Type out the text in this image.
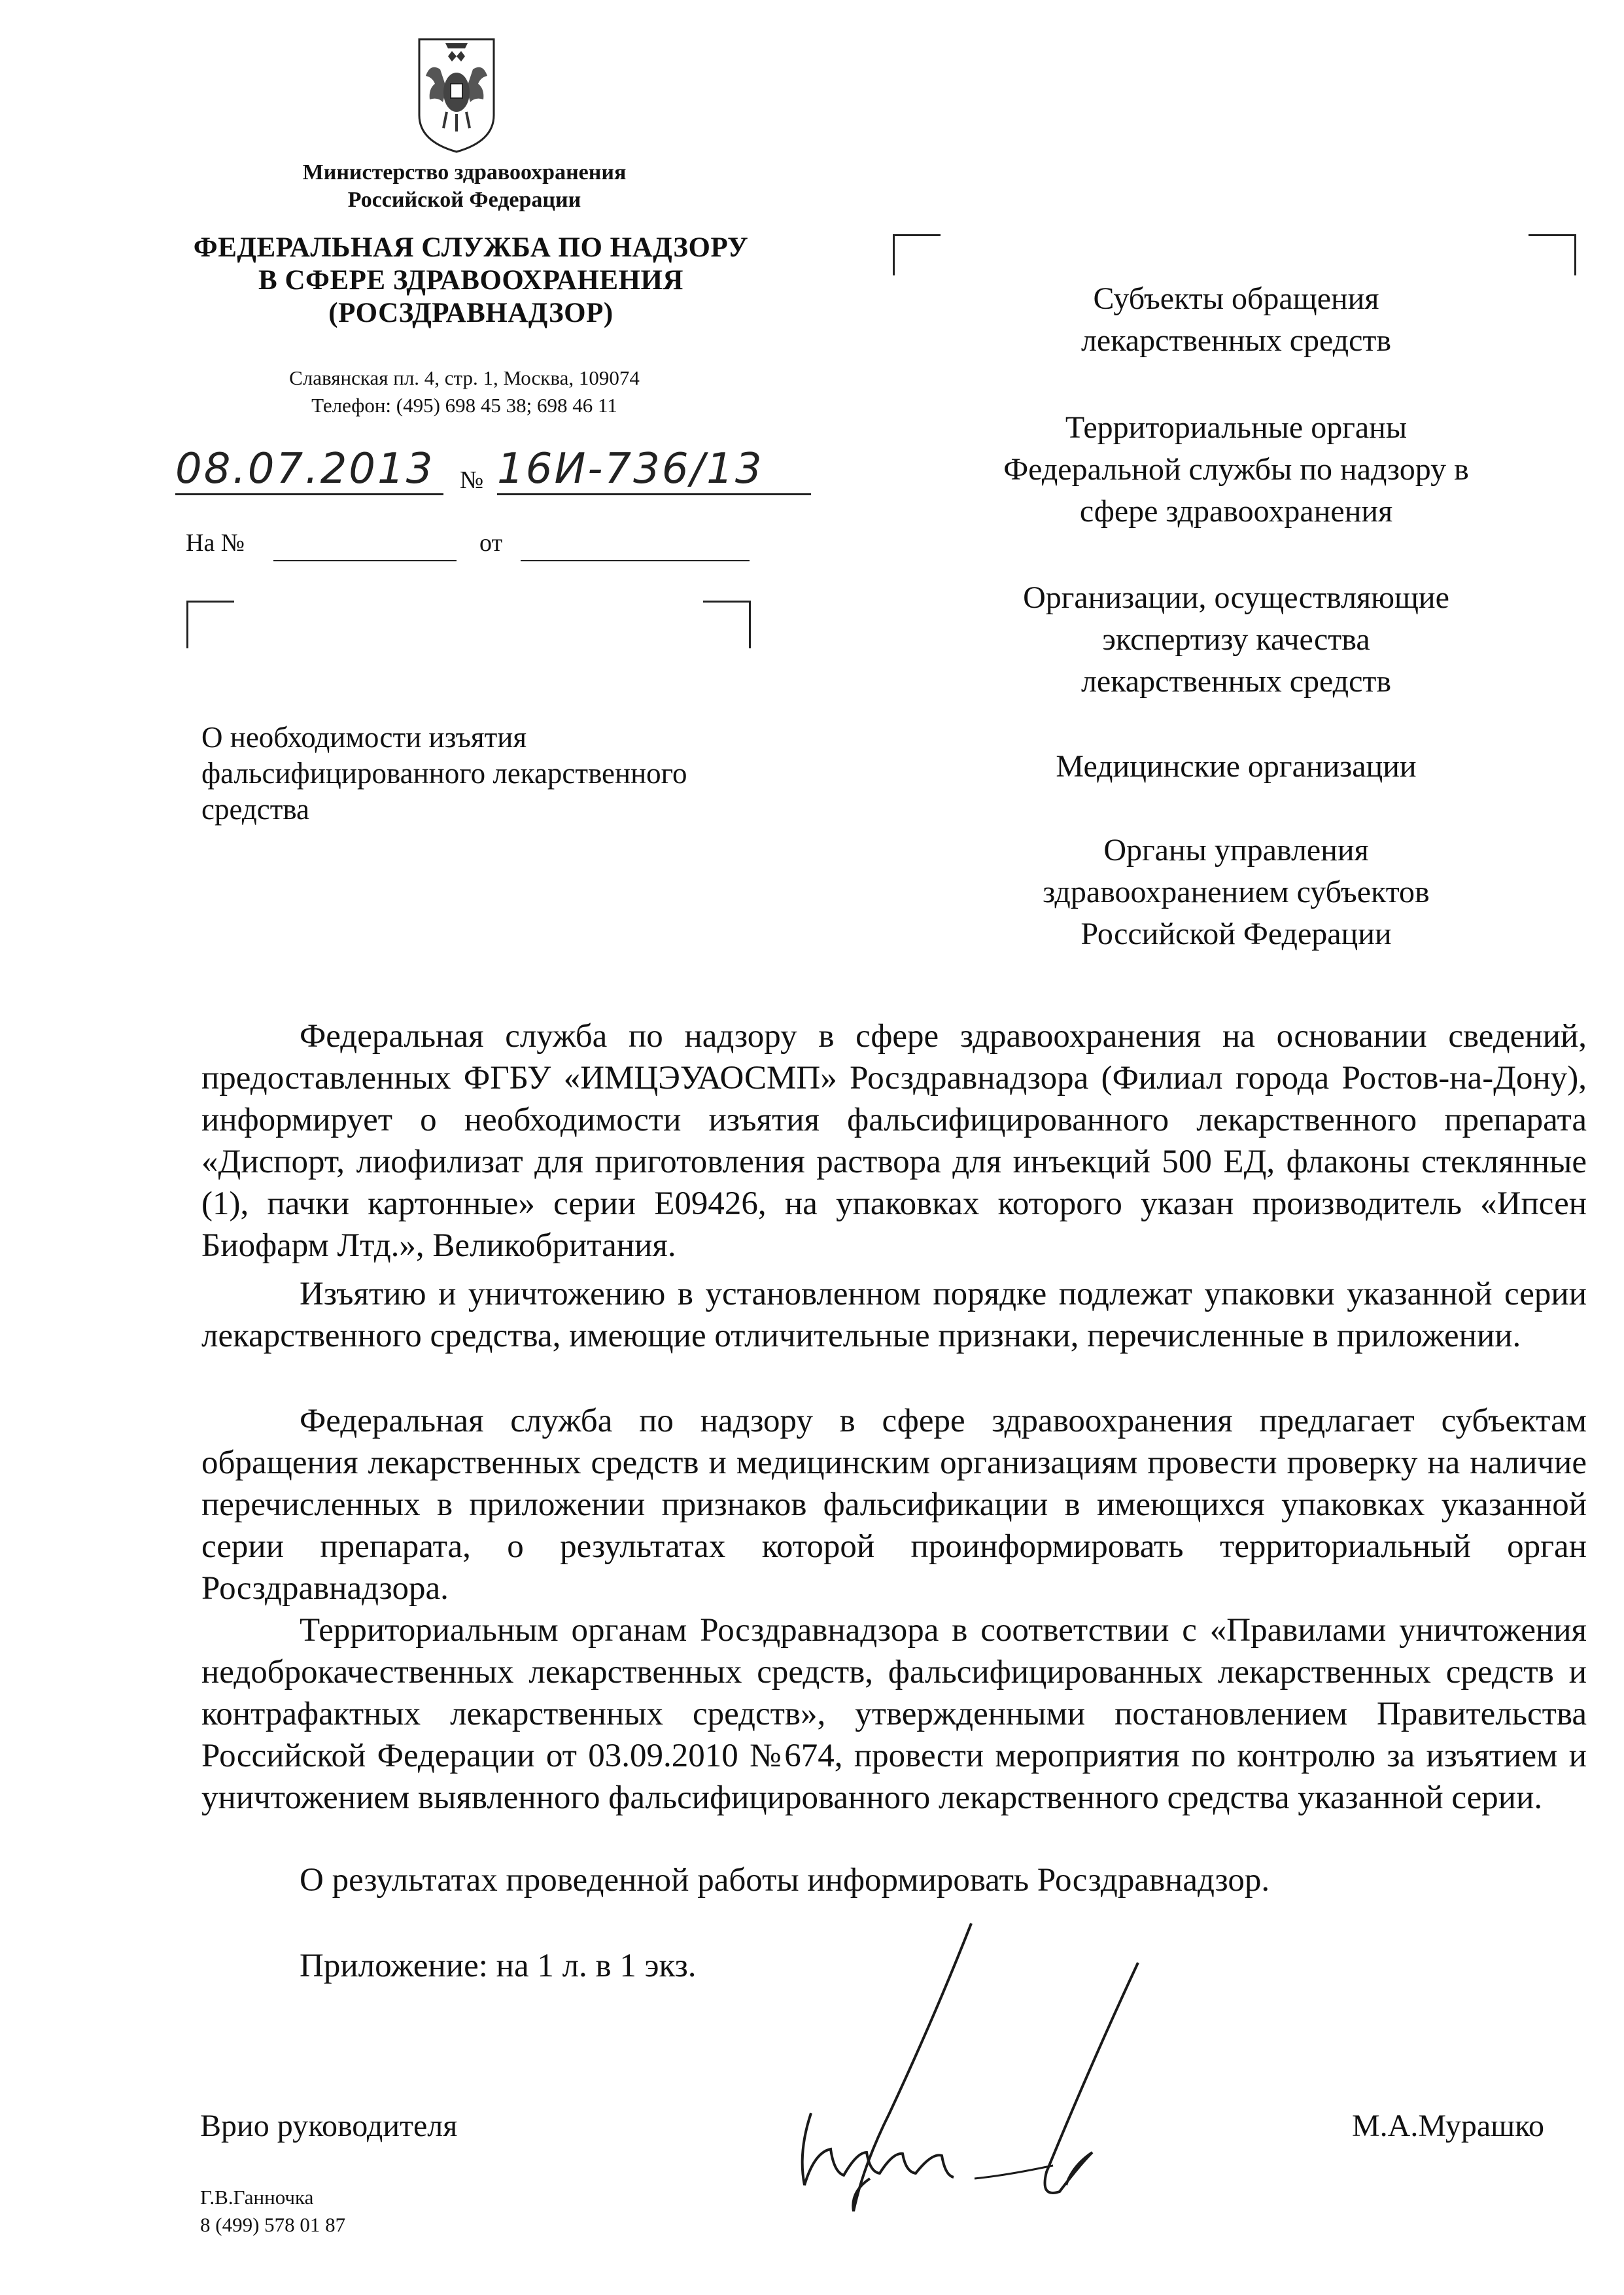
Министерство здравоохранения
Российской Федерации
ФЕДЕРАЛЬНАЯ СЛУЖБА ПО НАДЗОРУ
В СФЕРЕ ЗДРАВООХРАНЕНИЯ
(РОСЗДРАВНАДЗОР)
Славянская пл. 4, стр. 1, Москва, 109074
Телефон: (495) 698 45 38; 698 46 11
08.07.2013	№ 16И-736/13
На №	от
О необходимости изъятия
фальсифицированного лекарственного
средства
Субъекты обращения
лекарственных средств
Территориальные органы
Федеральной службы по надзору в
сфере здравоохранения
Организации, осуществляющие
экспертизу качества
лекарственных средств
Медицинские организации
Органы управления
здравоохранением субъектов
Российской Федерации
Федеральная служба по надзору в сфере здравоохранения на основании сведений, предоставленных ФГБУ «ИМЦЭУАОСМП» Росздравнадзора (Филиал города Ростов-на-Дону), информирует о необходимости изъятия фальсифицированного лекарственного препарата «Диспорт, лиофилизат для приготовления раствора для инъекций 500 ЕД, флаконы стеклянные (1), пачки картонные» серии E09426, на упаковках которого указан производитель «Ипсен Биофарм Лтд.», Великобритания.
Изъятию и уничтожению в установленном порядке подлежат упаковки указанной серии лекарственного средства, имеющие отличительные признаки, перечисленные в приложении.
Федеральная служба по надзору в сфере здравоохранения предлагает субъектам обращения лекарственных средств и медицинским организациям провести проверку на наличие перечисленных в приложении признаков фальсификации в имеющихся упаковках указанной серии препарата, о результатах которой проинформировать территориальный орган Росздравнадзора.
Территориальным органам Росздравнадзора в соответствии с «Правилами уничтожения недоброкачественных лекарственных средств, фальсифицированных лекарственных средств и контрафактных лекарственных средств», утвержденными постановлением Правительства Российской Федерации от 03.09.2010 №674, провести мероприятия по контролю за изъятием и уничтожением выявленного фальсифицированного лекарственного средства указанной серии.
О результатах проведенной работы информировать Росздравнадзор.
Приложение: на 1 л. в 1 экз.
Врио руководителя	М.А.Мурашко
Г.В.Ганночка
8 (499) 578 01 87
